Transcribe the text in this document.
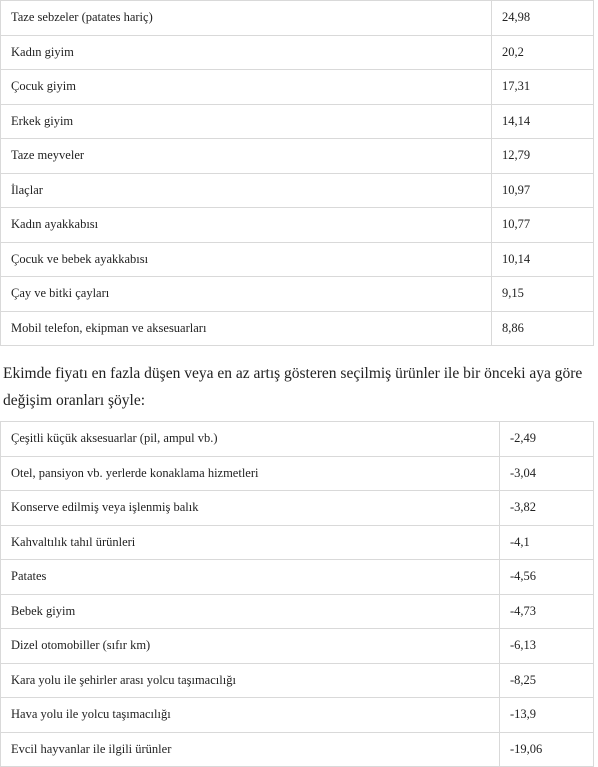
Taze sebzeler (patates hariç)	24,98
Kadın giyim	20,2
Çocuk giyim	17,31
Erkek giyim	14,14
Taze meyveler	12,79
İlaçlar	10,97
Kadın ayakkabısı	10,77
Çocuk ve bebek ayakkabısı	10,14
Çay ve bitki çayları	9,15
Mobil telefon, ekipman ve aksesuarları	8,86

Ekimde fiyatı en fazla düşen veya en az artış gösteren seçilmiş ürünler ile bir önceki aya göre değişim oranları şöyle:

Çeşitli küçük aksesuarlar (pil, ampul vb.)	-2,49
Otel, pansiyon vb. yerlerde konaklama hizmetleri	-3,04
Konserve edilmiş veya işlenmiş balık	-3,82
Kahvaltılık tahıl ürünleri	-4,1
Patates	-4,56
Bebek giyim	-4,73
Dizel otomobiller (sıfır km)	-6,13
Kara yolu ile şehirler arası yolcu taşımacılığı	-8,25
Hava yolu ile yolcu taşımacılığı	-13,9
Evcil hayvanlar ile ilgili ürünler	-19,06
